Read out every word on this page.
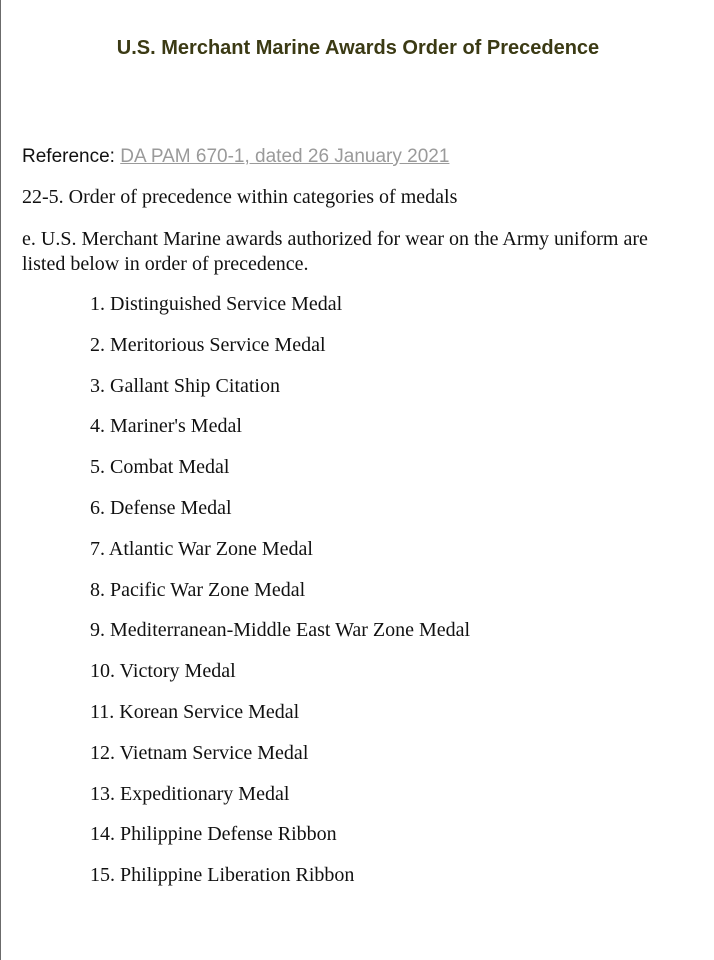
U.S. Merchant Marine Awards Order of Precedence
Reference: DA PAM 670-1, dated 26 January 2021
22-5. Order of precedence within categories of medals

e. U.S. Merchant Marine awards authorized for wear on the Army uniform are listed below in order of precedence.

1. Distinguished Service Medal
2. Meritorious Service Medal
3. Gallant Ship Citation
4. Mariner's Medal
5. Combat Medal
6. Defense Medal
7. Atlantic War Zone Medal
8. Pacific War Zone Medal
9. Mediterranean-Middle East War Zone Medal
10. Victory Medal
11. Korean Service Medal
12. Vietnam Service Medal
13. Expeditionary Medal
14. Philippine Defense Ribbon
15. Philippine Liberation Ribbon
